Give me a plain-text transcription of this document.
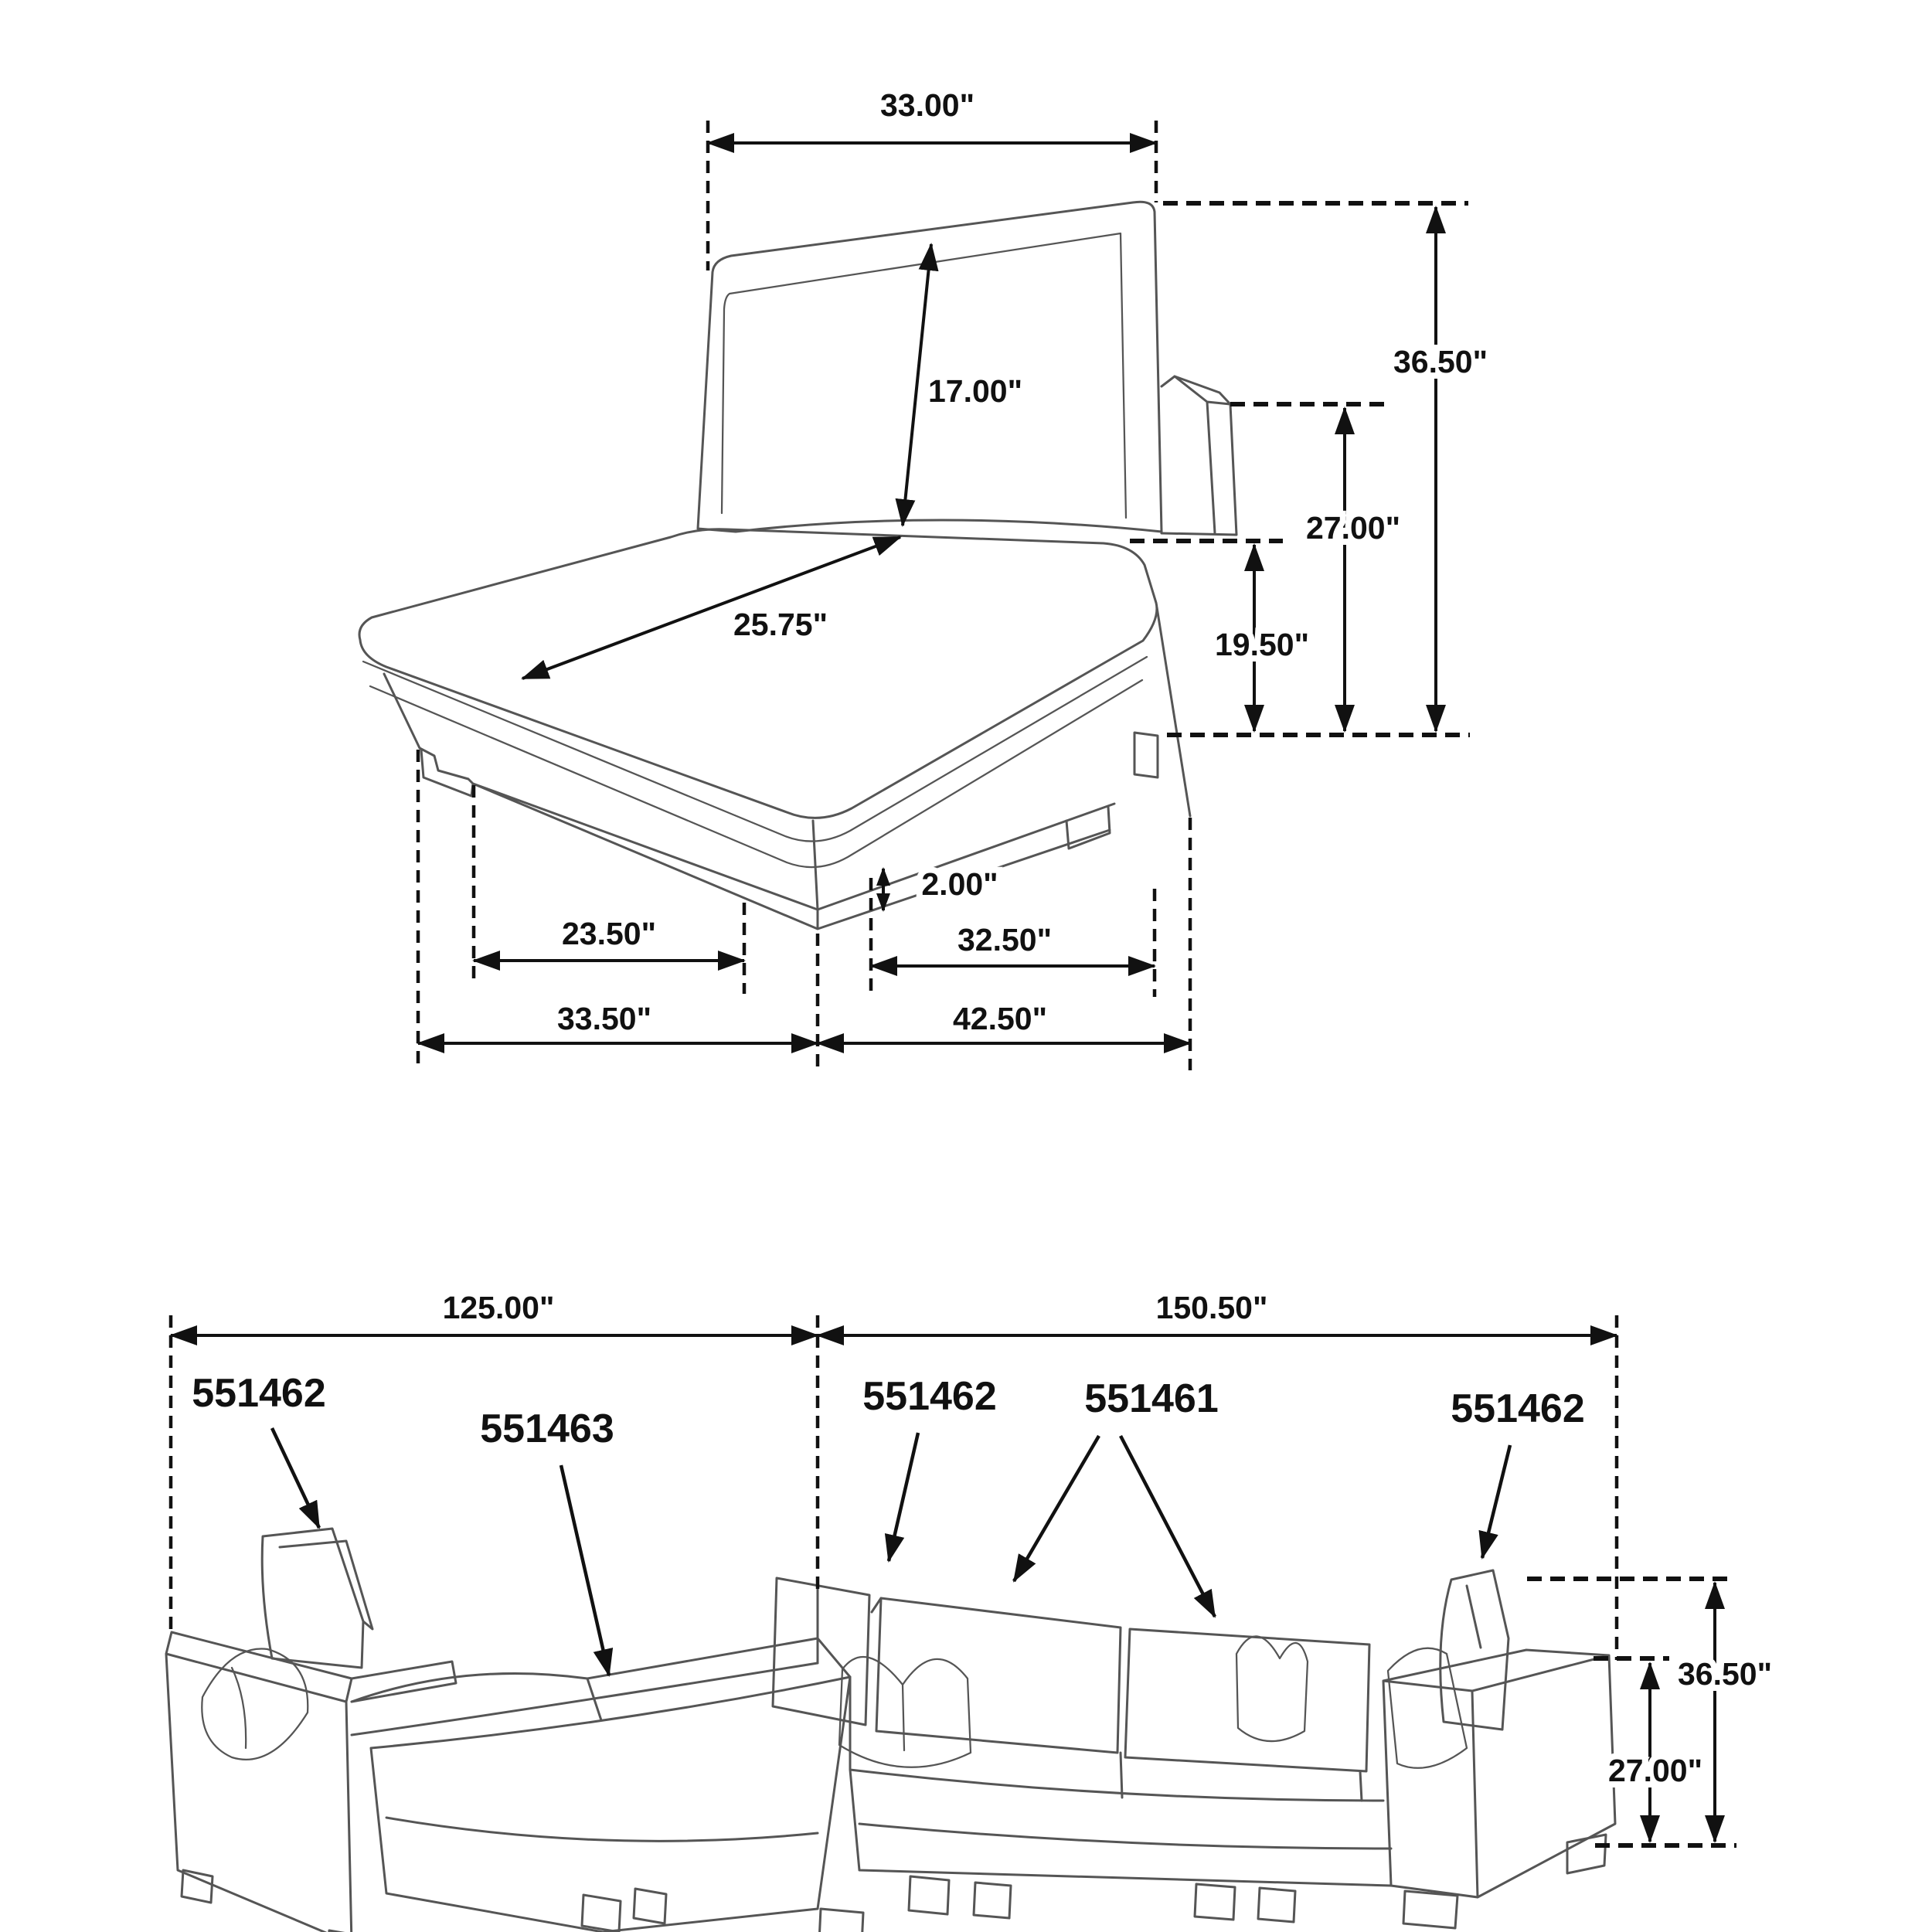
33.00"
17.00"
25.75"
36.50"
27.00"
19.50"
2.00"
23.50"	32.50"
33.50"	42.50"
125.00"	150.50"
551462
551463
551462 551461	551462
36.50"
27.00"
